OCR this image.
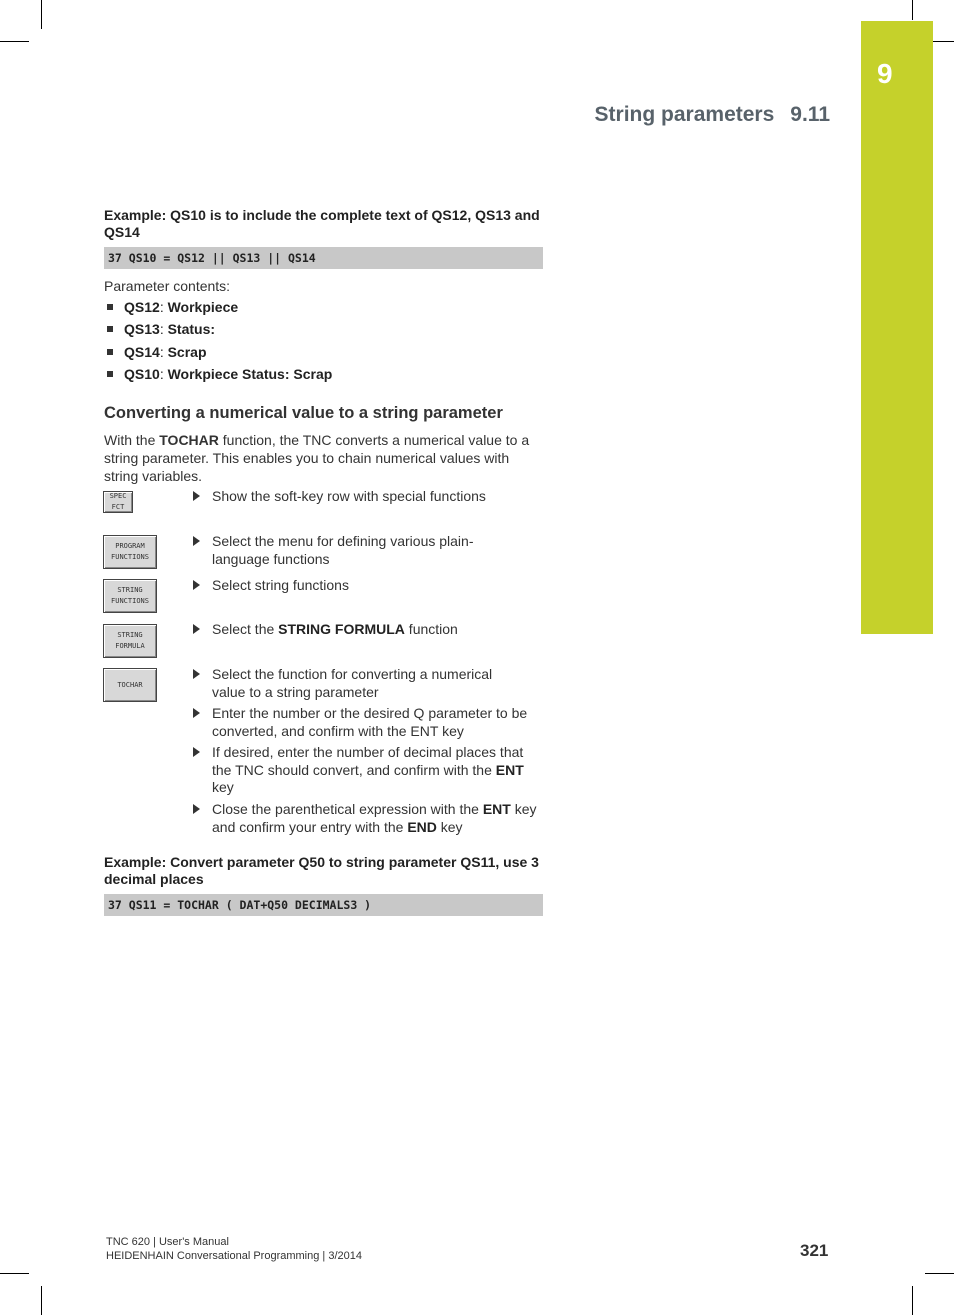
9
String parameters 9.11
Example: QS10 is to include the complete text of QS12, QS13 and QS14
37 QS10 = QS12 || QS13 || QS14
Parameter contents:
QS12: Workpiece
QS13: Status:
QS14: Scrap
QS10: Workpiece Status: Scrap
Converting a numerical value to a string parameter
With the TOCHAR function, the TNC converts a numerical value to a string parameter. This enables you to chain numerical values with string variables.
SPEC
FCT
PROGRAM
FUNCTIONS
STRING
FUNCTIONS
STRING
FORMULA
TOCHAR
Show the soft-key row with special functions
Select the menu for defining various plain-language functions
Select string functions
Select the STRING FORMULA function
Select the function for converting a numerical value to a string parameter
Enter the number or the desired Q parameter to be converted, and confirm with the ENT key
If desired, enter the number of decimal places that the TNC should convert, and confirm with the ENT key
Close the parenthetical expression with the ENT key and confirm your entry with the END key
Example: Convert parameter Q50 to string parameter QS11, use 3 decimal places
37 QS11 = TOCHAR ( DAT+Q50 DECIMALS3 )
TNC 620 | User's Manual
HEIDENHAIN Conversational Programming | 3/2014	321
